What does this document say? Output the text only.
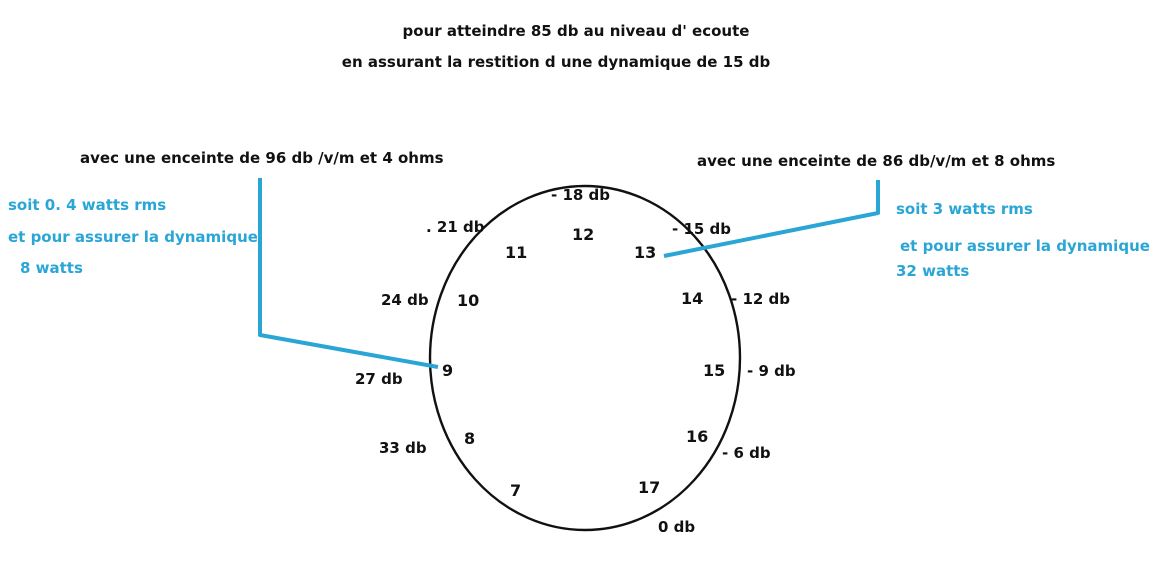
pour atteindre 85 db au niveau d' ecoute
en assurant la restition d une dynamique de 15 db
avec une enceinte de 96 db /v/m et 4 ohms	avec une enceinte de 86 db/v/m et 8 ohms
soit 0. 4 watts rms
et pour assurer la dynamique
8 watts
soit 3 watts rms
et pour assurer la dynamique
32 watts
7
8
9
10
11
12
13
14
15
16
17
33 db
27 db
24 db
. 21 db
- 18 db
- 15 db
- 12 db
- 9 db
- 6 db
0 db
